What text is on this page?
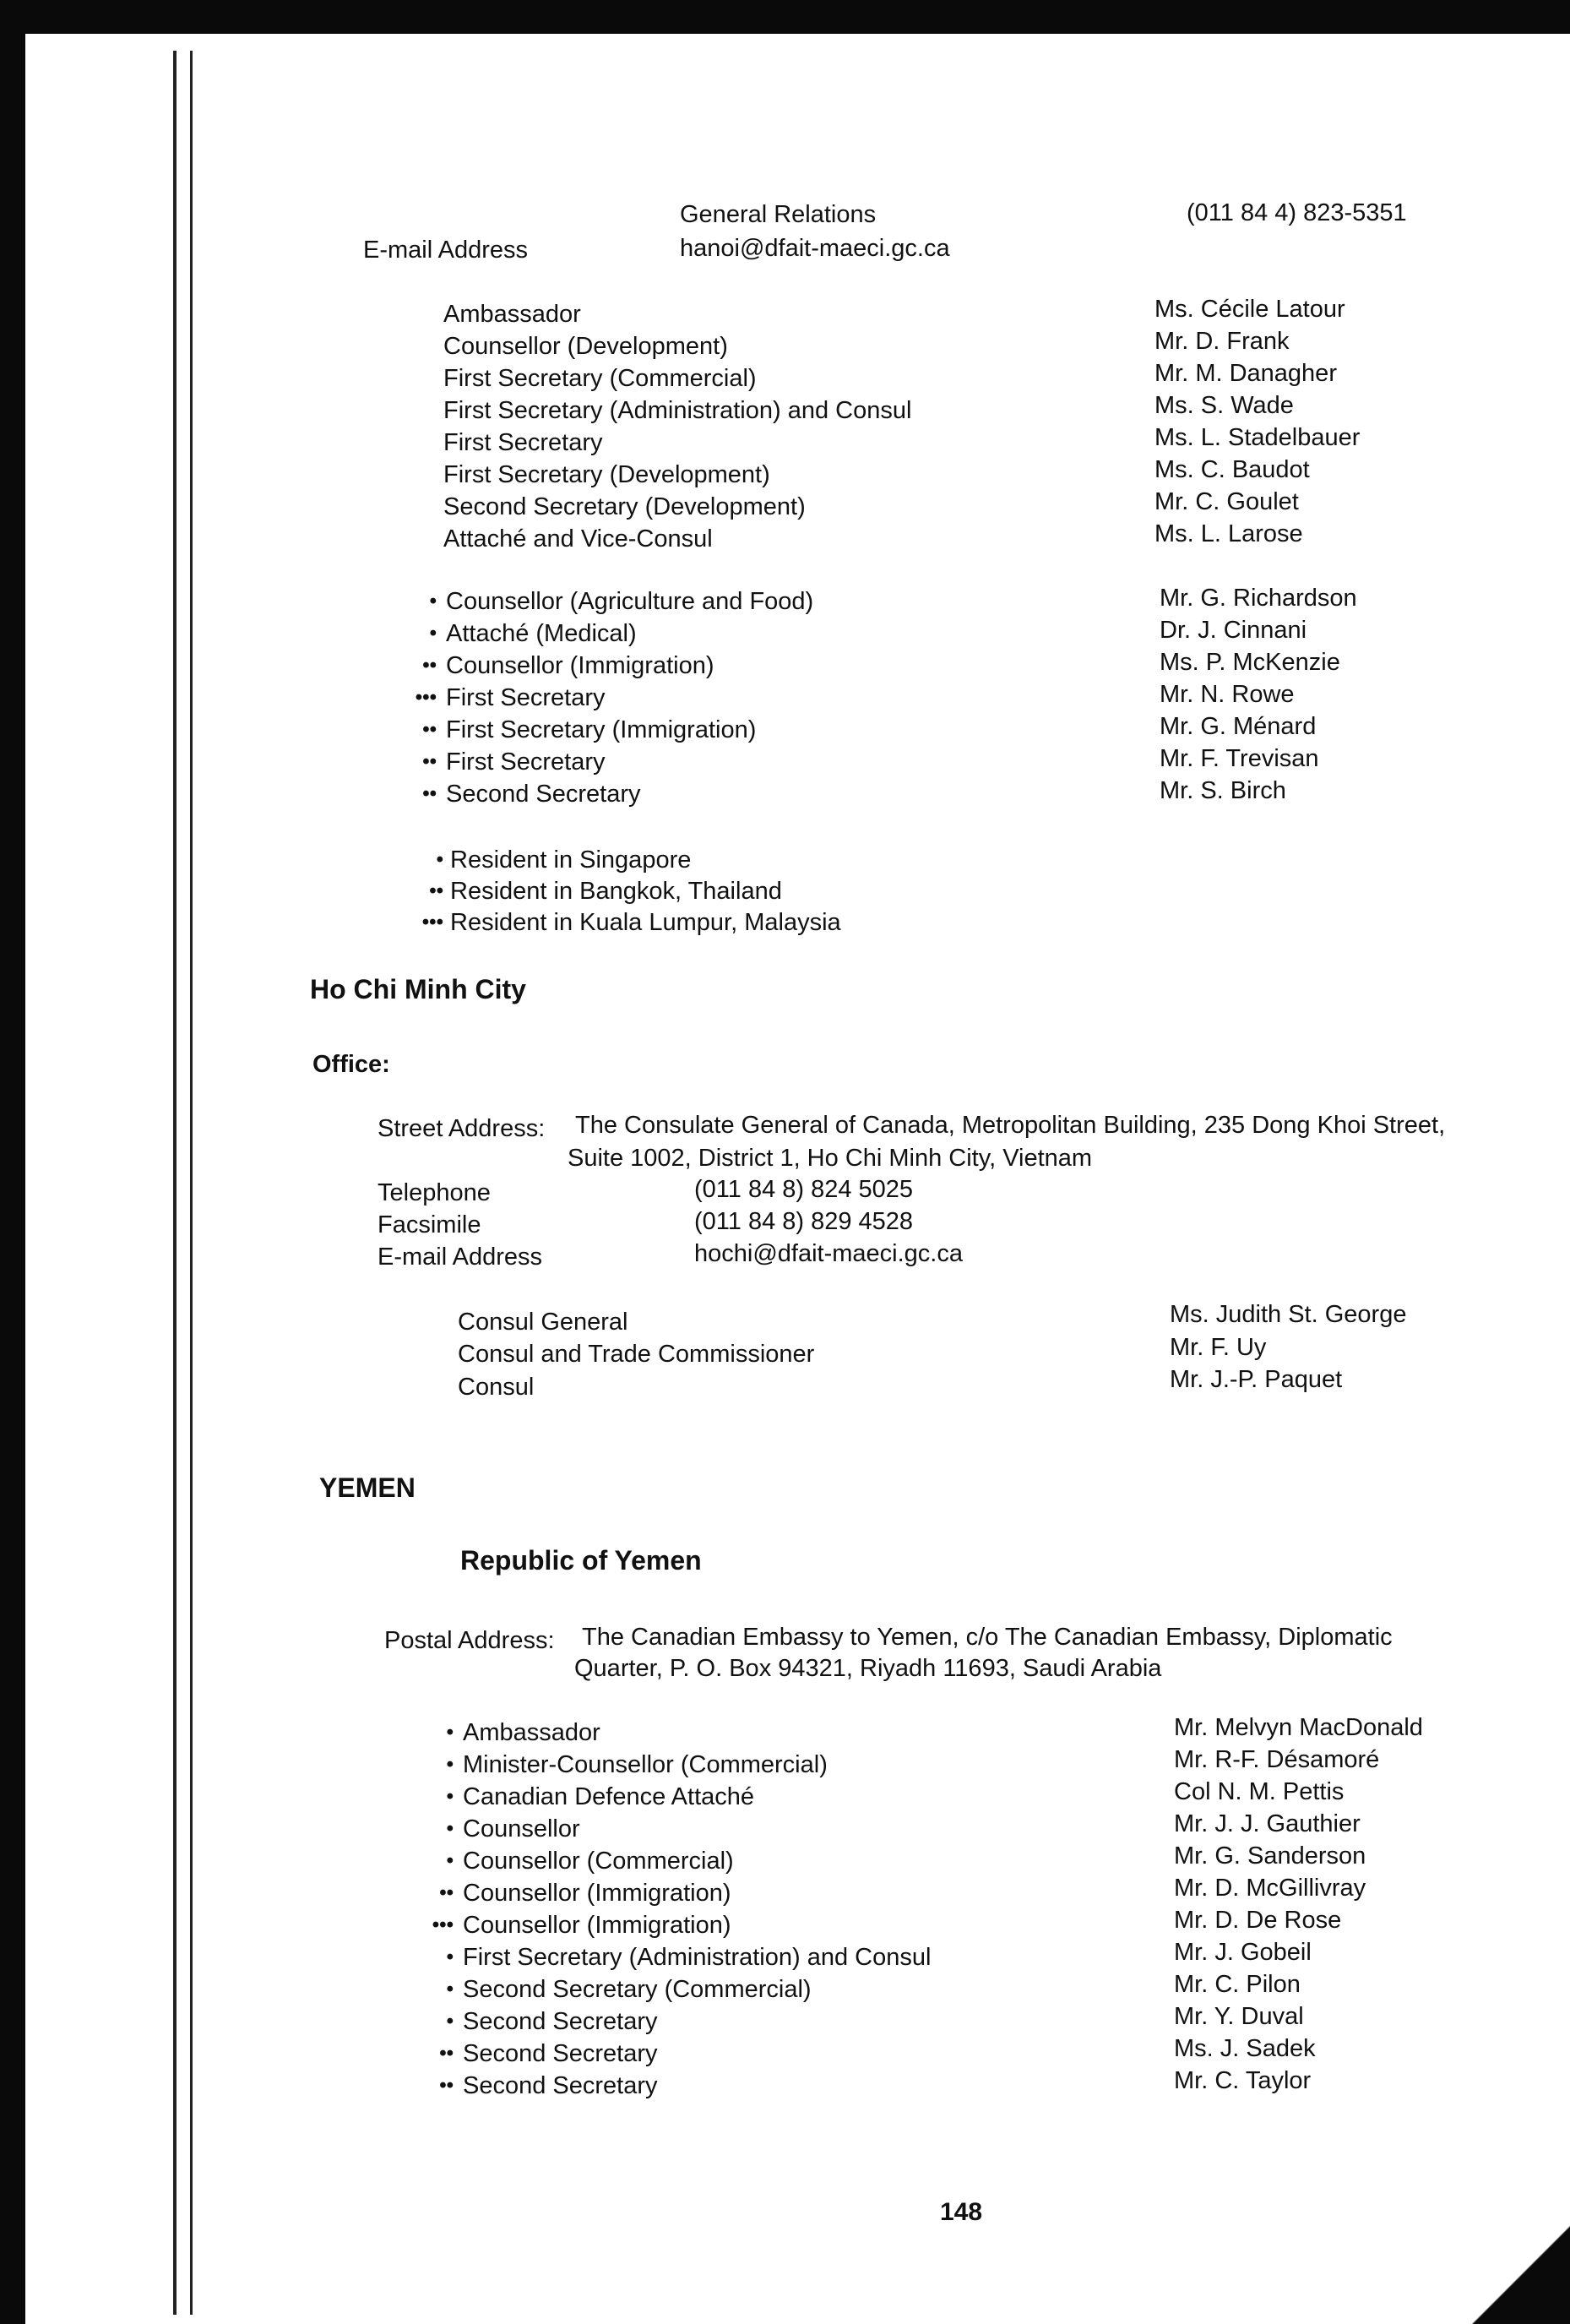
General Relations	(011 84 4) 823-5351
E-mail Address	hanoi@dfait-maeci.gc.ca
Ambassador	Ms. Cécile Latour
Counsellor (Development)	Mr. D. Frank
First Secretary (Commercial)	Mr. M. Danagher
First Secretary (Administration) and Consul	Ms. S. Wade
First Secretary	Ms. L. Stadelbauer
First Secretary (Development)	Ms. C. Baudot
Second Secretary (Development)	Mr. C. Goulet
Attaché and Vice-Consul	Ms. L. Larose
• Counsellor (Agriculture and Food)	Mr. G. Richardson
• Attaché (Medical)	Dr. J. Cinnani
•• Counsellor (Immigration)	Ms. P. McKenzie
••• First Secretary	Mr. N. Rowe
•• First Secretary (Immigration)	Mr. G. Ménard
•• First Secretary	Mr. F. Trevisan
•• Second Secretary	Mr. S. Birch
• Resident in Singapore
•• Resident in Bangkok, Thailand
••• Resident in Kuala Lumpur, Malaysia
Ho Chi Minh City
Office:
Street Address: The Consulate General of Canada, Metropolitan Building, 235 Dong Khoi Street,
Suite 1002, District 1, Ho Chi Minh City, Vietnam
Telephone	(011 84 8) 824 5025
Facsimile	(011 84 8) 829 4528
E-mail Address	hochi@dfait-maeci.gc.ca
Consul General	Ms. Judith St. George
Consul and Trade Commissioner	Mr. F. Uy
Consul	Mr. J.-P. Paquet
YEMEN
Republic of Yemen
Postal Address: The Canadian Embassy to Yemen, c/o The Canadian Embassy, Diplomatic
Quarter, P. O. Box 94321, Riyadh 11693, Saudi Arabia
• Ambassador	Mr. Melvyn MacDonald
• Minister-Counsellor (Commercial)	Mr. R-F. Désamoré
• Canadian Defence Attaché	Col N. M. Pettis
• Counsellor	Mr. J. J. Gauthier
• Counsellor (Commercial)	Mr. G. Sanderson
•• Counsellor (Immigration)	Mr. D. McGillivray
••• Counsellor (Immigration)	Mr. D. De Rose
• First Secretary (Administration) and Consul	Mr. J. Gobeil
• Second Secretary (Commercial)	Mr. C. Pilon
• Second Secretary	Mr. Y. Duval
•• Second Secretary	Ms. J. Sadek
•• Second Secretary	Mr. C. Taylor
148
